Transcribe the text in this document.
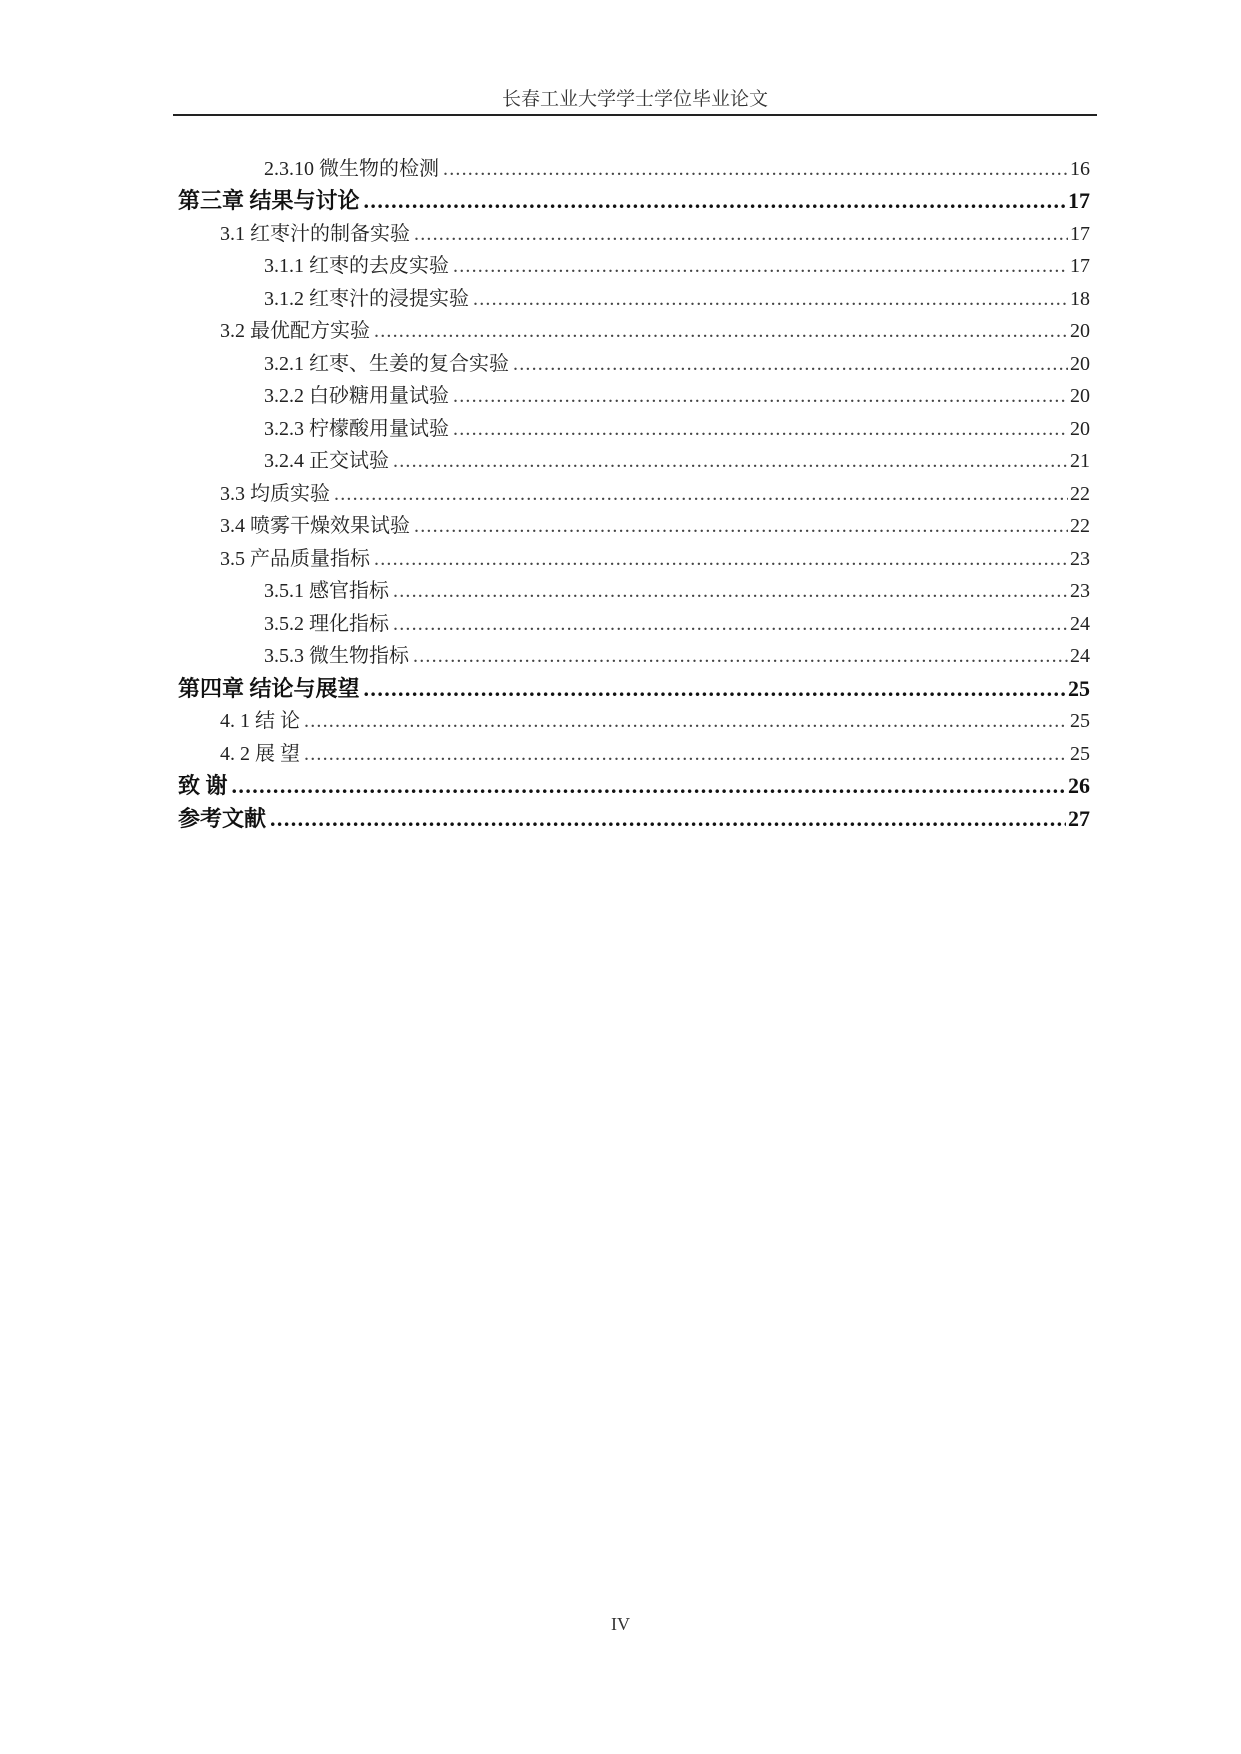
长春工业大学学士学位毕业论文
2.3.10 微生物的检测 .....	16
第三章 结果与讨论 .....	17
3.1 红枣汁的制备实验 .....	17
3.1.1 红枣的去皮实验 .....	17
3.1.2 红枣汁的浸提实验 .....	18
3.2 最优配方实验 .....	20
3.2.1 红枣、生姜的复合实验 .....	20
3.2.2 白砂糖用量试验 .....	20
3.2.3 柠檬酸用量试验 .....	20
3.2.4 正交试验 .....	21
3.3 均质实验 .....	22
3.4 喷雾干燥效果试验 .....	22
3.5 产品质量指标 .....	23
3.5.1 感官指标 .....	23
3.5.2 理化指标 .....	24
3.5.3 微生物指标 .....	24
第四章 结论与展望 .....	25
4. 1 结 论 .....	25
4. 2 展 望 .....	25
致 谢 .....	26
参考文献 .....	27
IV
